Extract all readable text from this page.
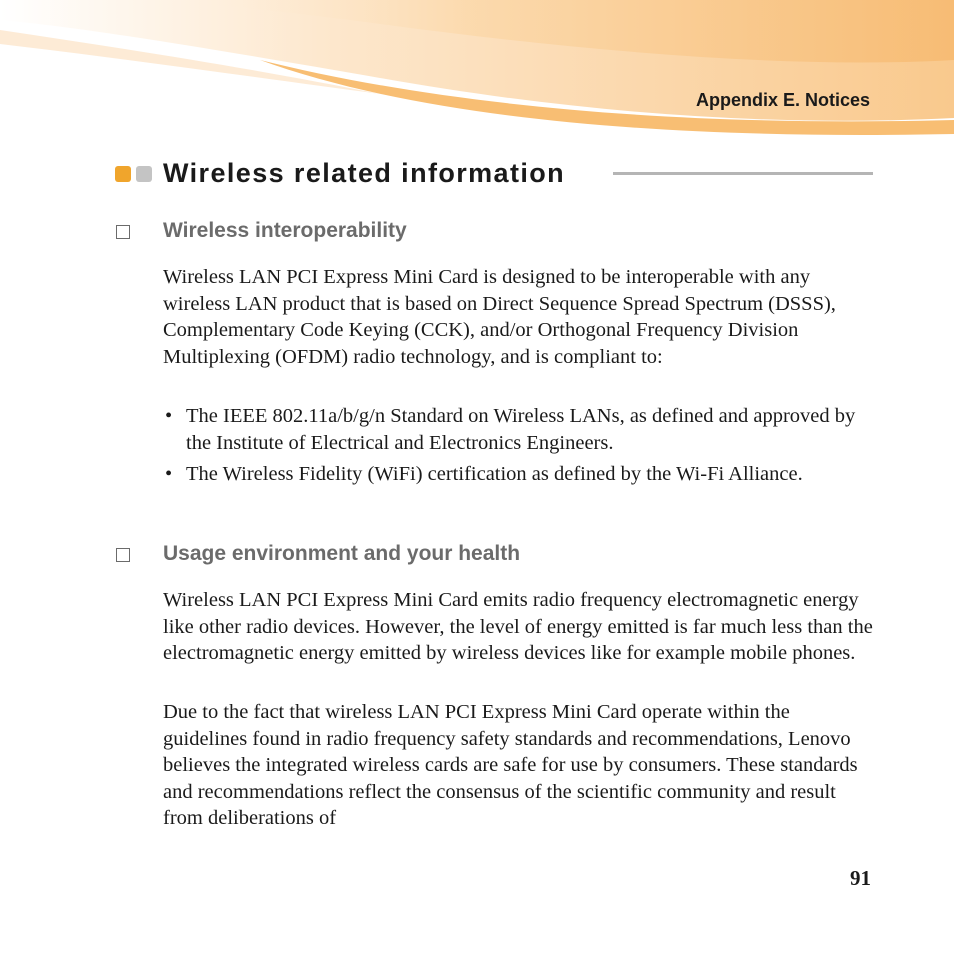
Appendix E. Notices
Wireless related information
Wireless interoperability

Wireless LAN PCI Express Mini Card is designed to be interoperable with any wireless LAN product that is based on Direct Sequence Spread Spectrum (DSSS), Complementary Code Keying (CCK), and/or Orthogonal Frequency Division Multiplexing (OFDM) radio technology, and is compliant to:

• The IEEE 802.11a/b/g/n Standard on Wireless LANs, as defined and approved by the Institute of Electrical and Electronics Engineers.
• The Wireless Fidelity (WiFi) certification as defined by the Wi-Fi Alliance.
Usage environment and your health

Wireless LAN PCI Express Mini Card emits radio frequency electromagnetic energy like other radio devices. However, the level of energy emitted is far much less than the electromagnetic energy emitted by wireless devices like for example mobile phones.

Due to the fact that wireless LAN PCI Express Mini Card operate within the guidelines found in radio frequency safety standards and recommendations, Lenovo believes the integrated wireless cards are safe for use by consumers. These standards and recommendations reflect the consensus of the scientific community and result from deliberations of

91
